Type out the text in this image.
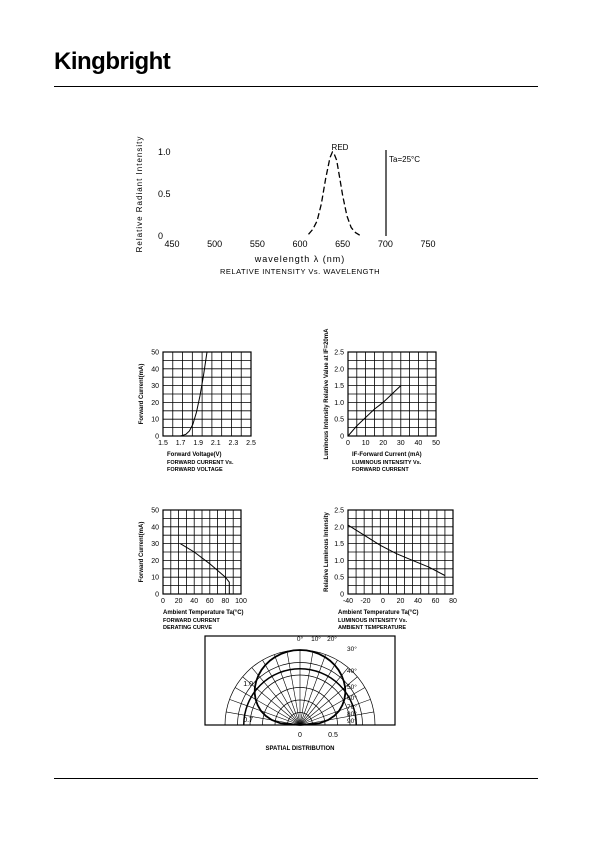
Kingbright
0
0.5
1.0
450	500	550	600	650	700	750
Relative Radiant Intensity
wavelength λ (nm)
RELATIVE INTENSITY Vs. WAVELENGTH
Ta=25°C
RED
0
10
20
30
40
50
1.5 1.7 1.9 2.1 2.3 2.5
Forward Current(mA)
Forward Voltage(V)
FORWARD CURRENT Vs.
FORWARD VOLTAGE
0
0.5
1.0
1.5
2.0
2.5
0 10 20 30 40 50
Luminous Intensity Relative Value at IF=20mA	IF-Forward Current (mA)
LUMINOUS INTENSITY Vs.
FORWARD CURRENT
0
10
20
30
40
50
0 20 40 60 80 100
Forward Current(mA)
Ambient Temperature Ta(°C)
FORWARD CURRENT
DERATING CURVE
0
0.5
1.0
1.5
2.0
2.5
-40 -20 0 20 40 60 80
Relative Luminous Intensity
Ambient Temperature Ta(°C)
LUMINOUS INTENSITY Vs.
AMBIENT TEMPERATURE
0° 10° 20°
30°
40°
50°
60°
70°
80°
90°
1.0
0.7
0	0.5
SPATIAL DISTRIBUTION
